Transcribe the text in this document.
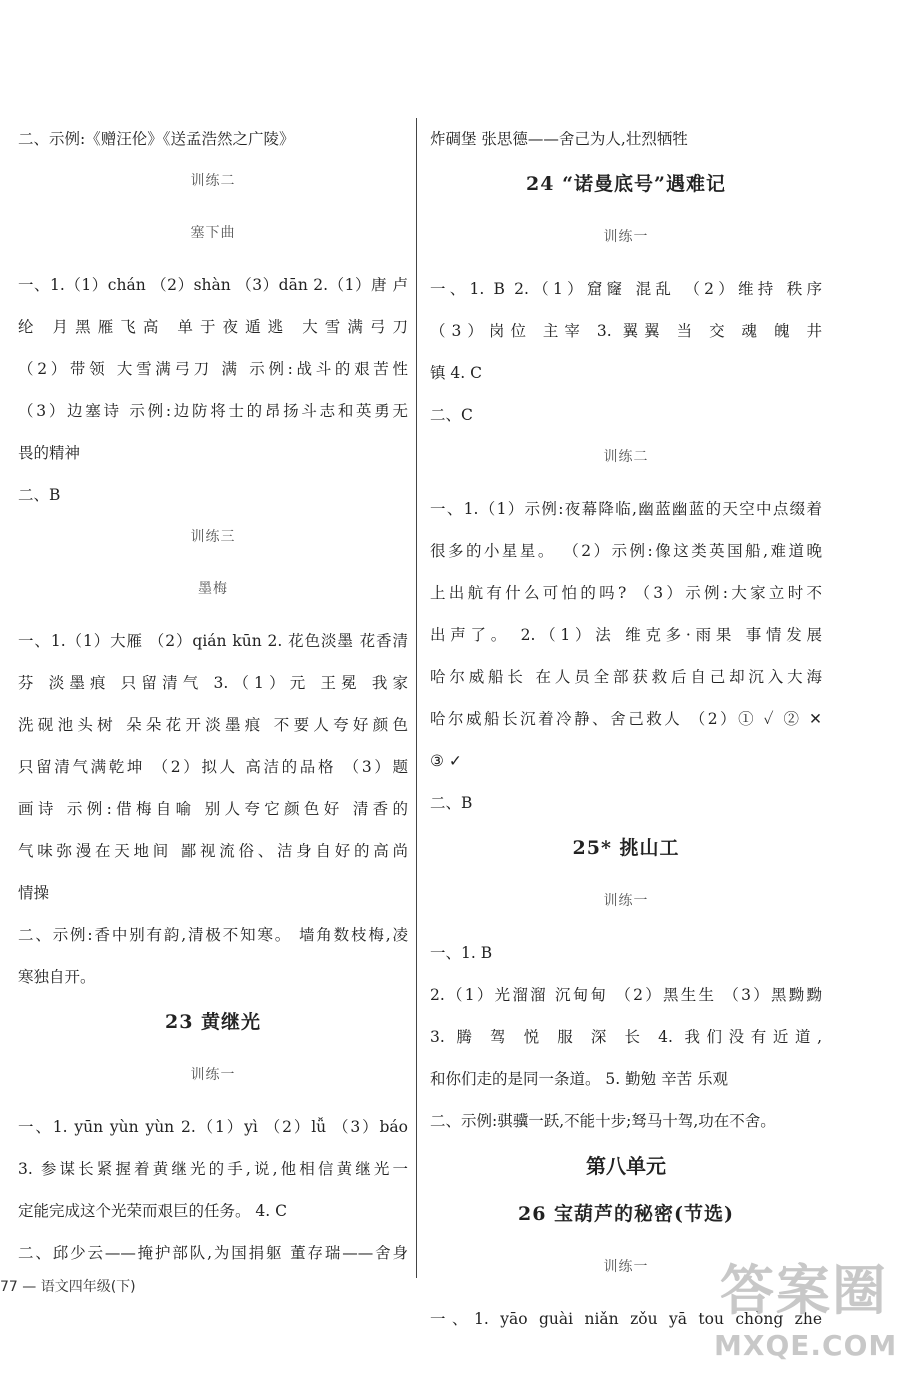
二、示例:《赠汪伦》《送孟浩然之广陵》
训练二
塞下曲
一、1.（1）chán （2）shàn （3）dān 2.（1）唐 卢
纶 月黑雁飞高 单于夜遁逃 大雪满弓刀
（2）带领 大雪满弓刀 满 示例:战斗的艰苦性
（3）边塞诗 示例:边防将士的昂扬斗志和英勇无
畏的精神
二、B
训练三
墨梅
一、1.（1）大雁 （2）qián kūn 2. 花色淡墨 花香清
芬 淡墨痕 只留清气 3.（1）元 王冕 我家
洗砚池头树 朵朵花开淡墨痕 不要人夸好颜色
只留清气满乾坤 （2）拟人 高洁的品格 （3）题
画诗 示例:借梅自喻 别人夸它颜色好 清香的
气味弥漫在天地间 鄙视流俗、洁身自好的高尚
情操
二、示例:香中别有韵,清极不知寒。 墙角数枝梅,凌
寒独自开。
23 黄继光
训练一
一、1. yūn yùn yùn 2.（1）yì （2）lǚ （3）báo
3. 参谋长紧握着黄继光的手,说,他相信黄继光一
定能完成这个光荣而艰巨的任务。 4. C
二、邱少云——掩护部队,为国捐躯 董存瑞——舍身
炸碉堡 张思德——舍己为人,壮烈牺牲
24 “诺曼底号”遇难记
训练一
一、1. B 2.（1）窟窿 混乱 （2）维持 秩序
（3）岗位 主宰 3. 翼翼 当 交 魂 魄 井
镇 4. C
二、C
训练二
一、1.（1）示例:夜幕降临,幽蓝幽蓝的天空中点缀着
很多的小星星。 （2）示例:像这类英国船,难道晚
上出航有什么可怕的吗? （3）示例:大家立时不
出声了。 2.（1）法 维克多·雨果 事情发展
哈尔威船长 在人员全部获救后自己却沉入大海
哈尔威船长沉着冷静、舍己救人 （2）① ✓ ② ✕
③ ✓
二、B
25* 挑山工
训练一
一、1. B
2.（1）光溜溜 沉甸甸 （2）黑生生 （3）黑黝黝
3. 腾 驾 悦 服 深 长 4. 我们没有近道,
和你们走的是同一条道。 5. 勤勉 辛苦 乐观
二、示例:骐骥一跃,不能十步;驽马十驾,功在不舍。
第八单元
26 宝葫芦的秘密(节选)
训练一
一、1. yāo guài niǎn zǒu yā tou chòng zhe
77 — 语文四年级(下)	答案圈
MXQE.COM
